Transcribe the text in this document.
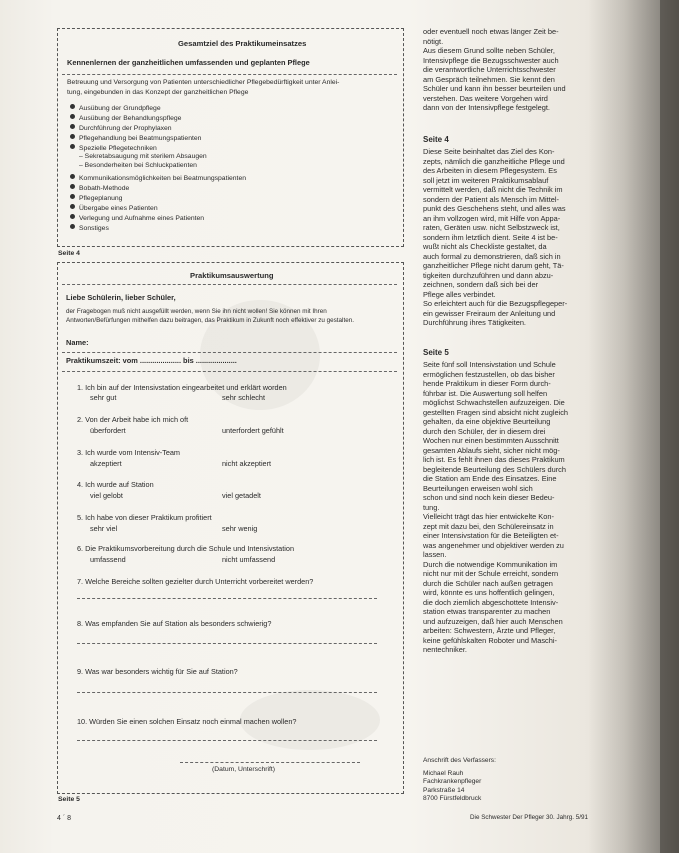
Gesamtziel des Praktikumeinsatzes
Kennenlernen der ganzheitlichen umfassenden und geplanten Pflege
Betreuung und Versorgung von Patienten unterschiedlicher Pflegebedürftigkeit unter Anlei-
tung, eingebunden in das Konzept der ganzheitlichen Pflege
Ausübung der Grundpflege
Ausübung der Behandlungspflege
Durchführung der Prophylaxen
Pflegehandlung bei Beatmungspatienten
Spezielle Pflegetechniken
– Sekretabsaugung mit sterilem Absaugen
– Besonderheiten bei Schluckpatienten
Kommunikationsmöglichkeiten bei Beatmungspatienten
Bobath-Methode
Pflegeplanung
Übergabe eines Patienten
Verlegung und Aufnahme eines Patienten
Sonstiges
Seite 4
Praktikumsauswertung
Liebe Schülerin, lieber Schüler,
der Fragebogen muß nicht ausgefüllt werden, wenn Sie ihn nicht wollen! Sie können mit Ihren
Antworten/Befürfungen mithelfen dazu beitragen, das Praktikum in Zukunft noch effektiver zu gestalten.
Name:
Praktikumszeit: vom .................... bis ....................
1. Ich bin auf der Intensivstation eingearbeitet und erklärt worden
sehr gut	sehr schlecht
2. Von der Arbeit habe ich mich oft
überfordert	unterfordert gefühlt
3. Ich wurde vom Intensiv-Team
akzeptiert	nicht akzeptiert
4. Ich wurde auf Station
viel gelobt	viel getadelt
5. Ich habe von dieser Praktikum profitiert
sehr viel	sehr wenig
6. Die Praktikumsvorbereitung durch die Schule und Intensivstation
umfassend	nicht umfassend
7. Welche Bereiche sollten gezielter durch Unterricht vorbereitet werden?
8. Was empfanden Sie auf Station als besonders schwierig?
9. Was war besonders wichtig für Sie auf Station?
10. Würden Sie einen solchen Einsatz noch einmal machen wollen?
(Datum, Unterschrift)
Seite 5
4 ´ 8	Die Schwester Der Pfleger 30. Jahrg. 5/91

oder eventuell noch etwas länger Zeit be-

nötigt.

Aus diesem Grund sollte neben Schüler,

Intensivpflege die Bezugsschwester auch

die verantwortliche Unterrichtsschwester

am Gespräch teilnehmen. Sie kennt den

Schüler und kann ihn besser beurteilen und

verstehen. Das weitere Vorgehen wird

dann von der Intensivpflege festgelegt.

Seite 4

Diese Seite beinhaltet das Ziel des Kon-

zepts, nämlich die ganzheitliche Pflege und

des Arbeiten in diesem Pflegesystem. Es

soll jetzt im weiteren Praktikumsablauf

vermittelt werden, daß nicht die Technik im

sondern der Patient als Mensch im Mittel-

punkt des Geschehens steht, und alles was

an ihm vollzogen wird, mit Hilfe von Appa-

raten, Geräten usw. nicht Selbstzweck ist,

sondern ihm letztlich dient. Seite 4 ist be-

wußt nicht als Checkliste gestaltet, da

auch formal zu demonstrieren, daß sich in

ganzheitlicher Pflege nicht darum geht, Tä-

tigkeiten durchzuführen und dann abzu-

zeichnen, sondern daß sich bei der

Pflege alles verbindet.

So erleichtert auch für die Bezugspflegeper-

ein gewisser Freiraum der Anleitung und

Durchführung ihres Tätigkeiten.

Seite 5

Seite fünf soll Intensivstation und Schule

ermöglichen festzustellen, ob das bisher

hende Praktikum in dieser Form durch-

führbar ist. Die Auswertung soll helfen

möglichst Schwachstellen aufzuzeigen. Die

gestellten Fragen sind absicht nicht zugleich

gehalten, da eine objektive Beurteilung

durch den Schüler, der in diesem drei

Wochen nur einen bestimmten Ausschnitt

gesamten Ablaufs sieht, sicher nicht mög-

lich ist. Es fehlt ihnen das dieses Praktikum

begleitende Beurteilung des Schülers durch

die Station am Ende des Einsatzes. Eine

Beurteilungen erweisen wohl sich

schon und sind noch kein dieser Bedeu-

tung.

Vielleicht trägt das hier entwickelte Kon-

zept mit dazu bei, den Schülereinsatz in

einer Intensivstation für die Beteiligten et-

was angenehmer und objektiver werden zu

lassen.

Durch die notwendige Kommunikation im

nicht nur mit der Schule erreicht, sondern

durch die Schüler nach außen getragen

wird, könnte es uns hoffentlich gelingen,

die doch ziemlich abgeschottete Intensiv-

station etwas transparenter zu machen

und aufzuzeigen, daß hier auch Menschen

arbeiten: Schwestern, Ärzte und Pfleger,

keine gefühlskalten Roboter und Maschi-

nentechniker.

Anschrift des Verfassers:

Michael Rauh

Fachkrankenpfleger

Parkstraße 14

8700 Fürstfeldbruck
